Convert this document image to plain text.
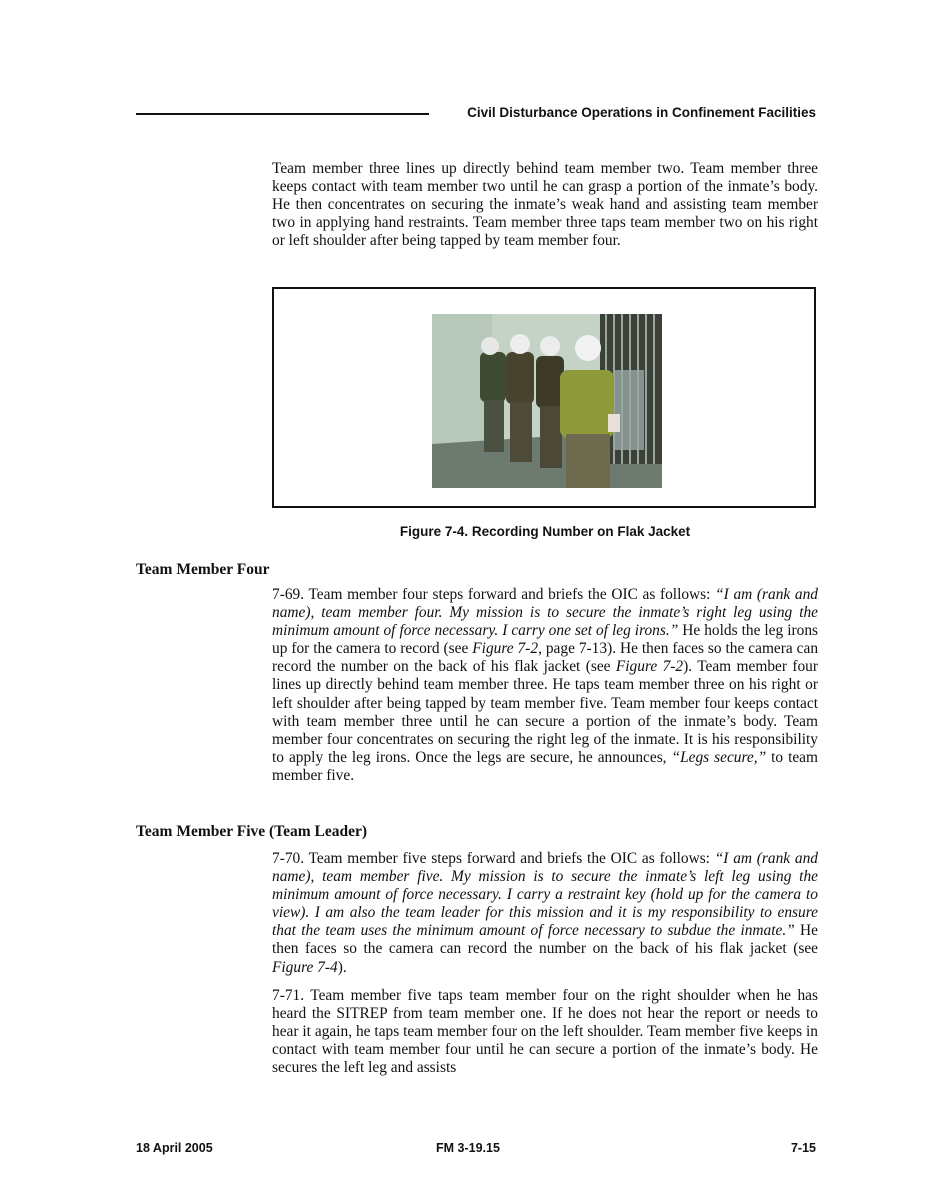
Civil Disturbance Operations in Confinement Facilities

Team member three lines up directly behind team member two. Team member three keeps contact with team member two until he can grasp a portion of the inmate’s body. He then concentrates on securing the inmate’s weak hand and assisting team member two in applying hand restraints. Team member three taps team member two on his right or left shoulder after being tapped by team member four.

Figure 7-4. Recording Number on Flak Jacket
Team Member Four

7-69. Team member four steps forward and briefs the OIC as follows: “I am (rank and name), team member four. My mission is to secure the inmate’s right leg using the minimum amount of force necessary. I carry one set of leg irons.” He holds the leg irons up for the camera to record (see Figure 7-2, page 7-13). He then faces so the camera can record the number on the back of his flak jacket (see Figure 7-2). Team member four lines up directly behind team member three. He taps team member three on his right or left shoulder after being tapped by team member five. Team member four keeps contact with team member three until he can secure a portion of the inmate’s body. Team member four concentrates on securing the right leg of the inmate. It is his responsibility to apply the leg irons. Once the legs are secure, he announces, “Legs secure,” to team member five.

Team Member Five (Team Leader)

7-70. Team member five steps forward and briefs the OIC as follows: “I am (rank and name), team member five. My mission is to secure the inmate’s left leg using the minimum amount of force necessary. I carry a restraint key (hold up for the camera to view). I am also the team leader for this mission and it is my responsibility to ensure that the team uses the minimum amount of force necessary to subdue the inmate.” He then faces so the camera can record the number on the back of his flak jacket (see Figure 7-4).

7-71. Team member five taps team member four on the right shoulder when he has heard the SITREP from team member one. If he does not hear the report or needs to hear it again, he taps team member four on the left shoulder. Team member five keeps in contact with team member four until he can secure a portion of the inmate’s body. He secures the left leg and assists

18 April 2005	FM 3-19.15	7-15
